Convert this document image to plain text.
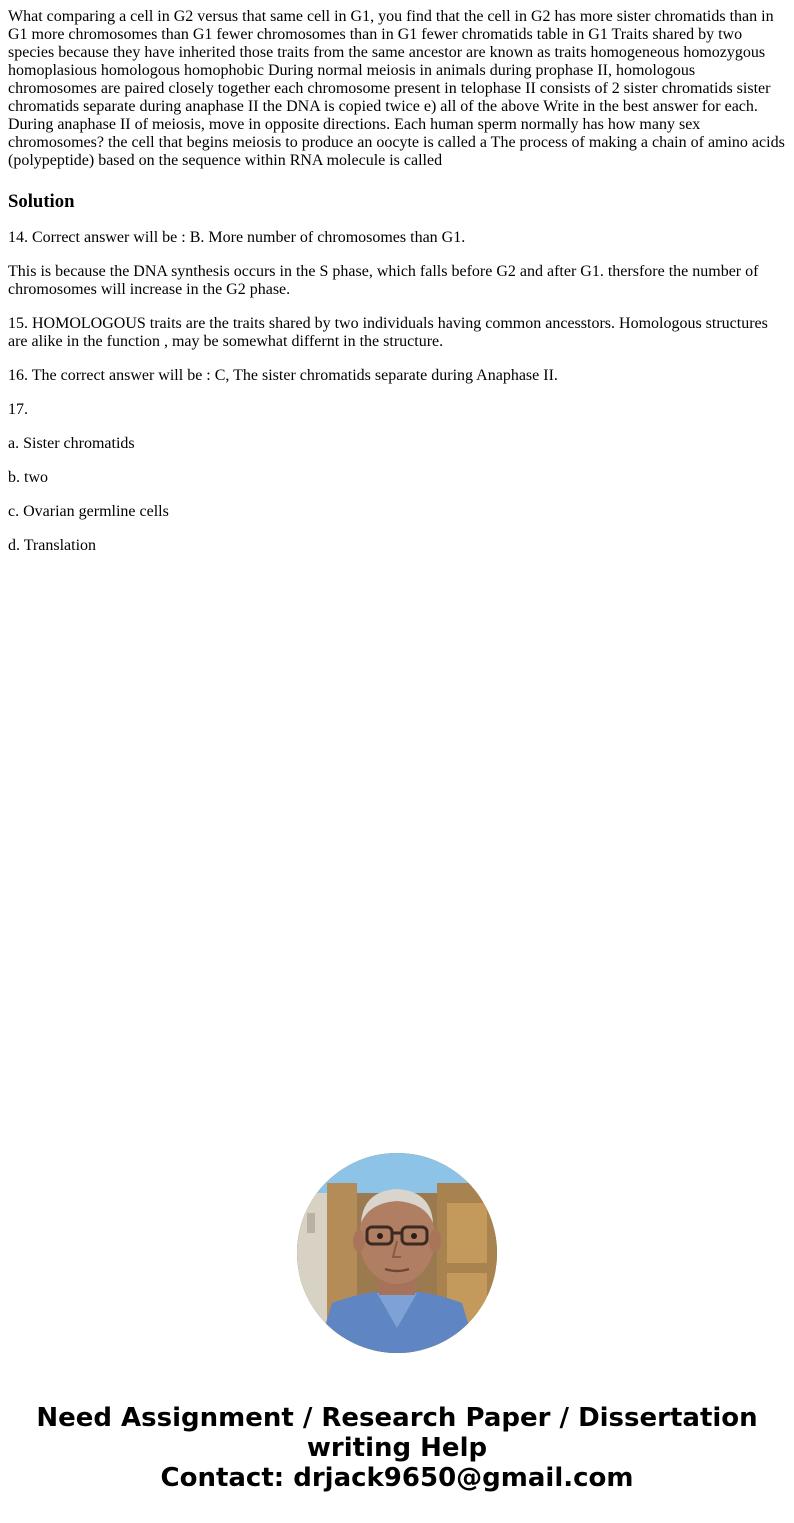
What comparing a cell in G2 versus that same cell in G1, you find that the cell in G2 has more sister chromatids than in G1 more chromosomes than G1 fewer chromosomes than in G1 fewer chromatids table in G1 Traits shared by two species because they have inherited those traits from the same ancestor are known as traits homogeneous homozygous homoplasious homologous homophobic During normal meiosis in animals during prophase II, homologous chromosomes are paired closely together each chromosome present in telophase II consists of 2 sister chromatids sister chromatids separate during anaphase II the DNA is copied twice e) all of the above Write in the best answer for each. During anaphase II of meiosis, move in opposite directions. Each human sperm normally has how many sex chromosomes? the cell that begins meiosis to produce an oocyte is called a The process of making a chain of amino acids (polypeptide) based on the sequence within RNA molecule is called

Solution

14. Correct answer will be : B. More number of chromosomes than G1.

This is because the DNA synthesis occurs in the S phase, which falls before G2 and after G1. thersfore the number of chromosomes will increase in the G2 phase.

15. HOMOLOGOUS traits are the traits shared by two individuals having common ancesstors. Homologous structures are alike in the function , may be somewhat differnt in the structure.

16. The correct answer will be : C, The sister chromatids separate during Anaphase II.

17.

a. Sister chromatids

b. two

c. Ovarian germline cells

d. Translation

Need Assignment / Research Paper / Dissertation
writing Help
Contact: drjack9650@gmail.com
